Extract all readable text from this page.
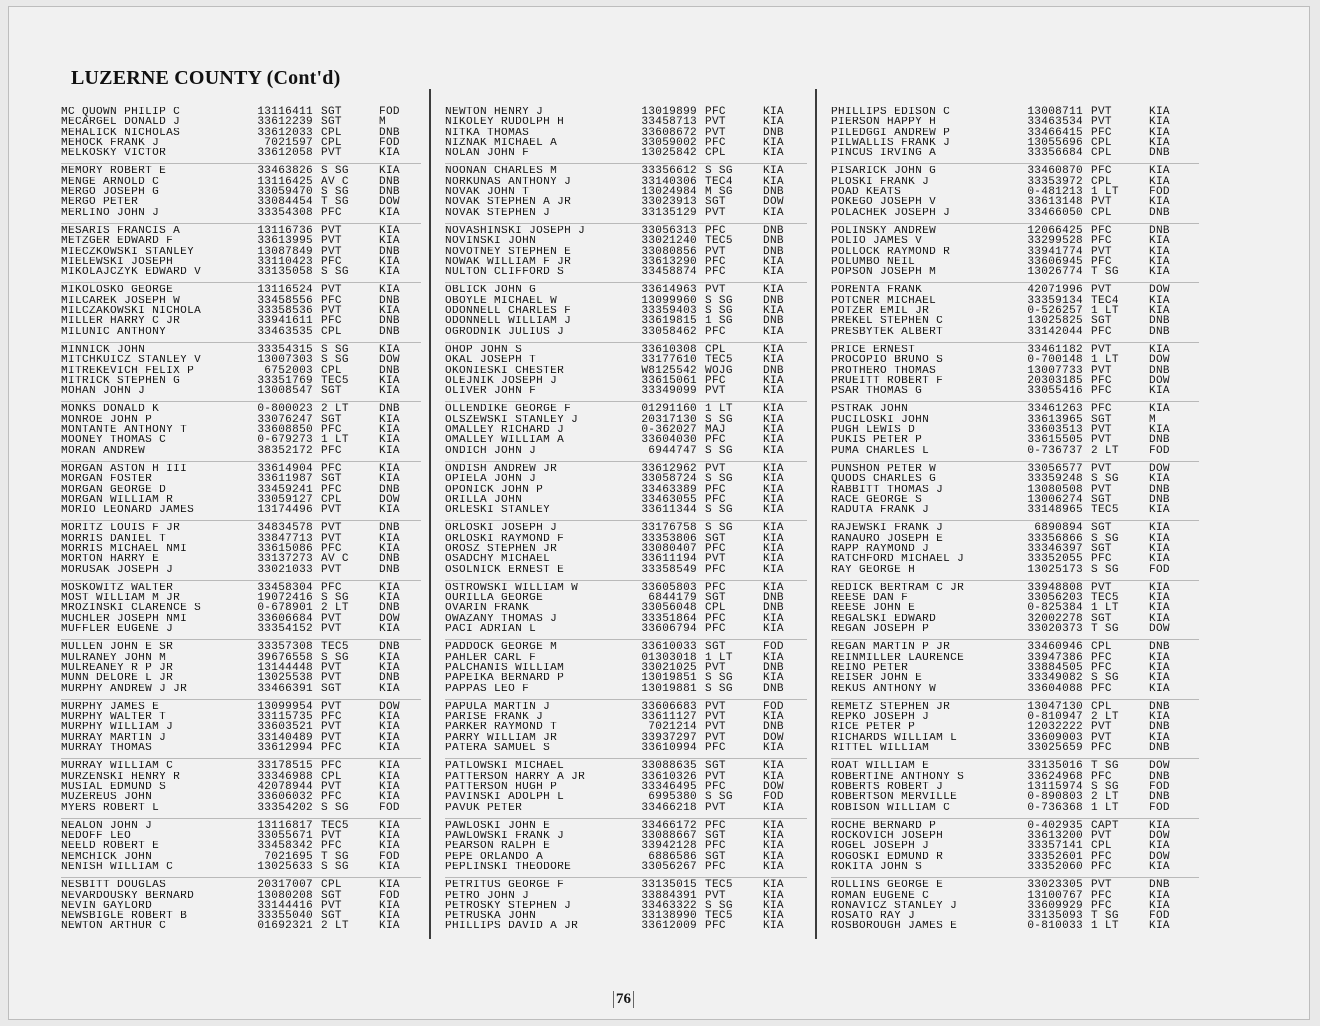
LUZERNE COUNTY (Cont'd)
MC QUOWN PHILIP C	13116411 SGT	FOD
MECARGEL DONALD J	33612239 SGT	M
MEHALICK NICHOLAS	33612033 CPL	DNB
MEHOCK FRANK J	7021597 CPL	FOD
MELKOSKY VICTOR	33612058 PVT	KIA
MEMORY ROBERT E	33463826 S SG	KIA
MENGE ARNOLD C	13116425 AV C	DNB
MERGO JOSEPH G	33059470 S SG	DNB
MERGO PETER	33084454 T SG	DOW
MERLINO JOHN J	33354308 PFC	KIA
MESARIS FRANCIS A	13116736 PVT	KIA
METZGER EDWARD F	33613995 PVT	KIA
MIECZKOWSKI STANLEY	13087849 PVT	DNB
MIELEWSKI JOSEPH	33110423 PFC	KIA
MIKOLAJCZYK EDWARD V	33135058 S SG	KIA
MIKOLOSKO GEORGE	13116524 PVT	KIA
MILCAREK JOSEPH W	33458556 PFC	DNB
MILCZAKOWSKI NICHOLA	33358536 PVT	KIA
MILLER HARRY C JR	33941611 PFC	DNB
MILUNIC ANTHONY	33463535 CPL	DNB
MINNICK JOHN	33354315 S SG	KIA
MITCHKUICZ STANLEY V	13007303 S SG	DOW
MITREKEVICH FELIX P	6752003 CPL	DNB
MITRICK STEPHEN G	33351769 TEC5	KIA
MOHAN JOHN J	13008547 SGT	KIA
MONKS DONALD K	0-800023 2 LT	DNB
MONROE JOHN P	33076247 SGT	KIA
MONTANTE ANTHONY T	33608850 PFC	KIA
MOONEY THOMAS C	0-679273 1 LT	KIA
MORAN ANDREW	38352172 PFC	KIA
MORGAN ASTON H III	33614904 PFC	KIA
MORGAN FOSTER	33611987 SGT	KIA
MORGAN GEORGE D	33459241 PFC	DNB
MORGAN WILLIAM R	33059127 CPL	DOW
MORIO LEONARD JAMES	13174496 PVT	KIA
MORITZ LOUIS F JR	34834578 PVT	DNB
MORRIS DANIEL T	33847713 PVT	KIA
MORRIS MICHAEL NMI	33615086 PFC	KIA
MORTON HARRY E	33137273 AV C	DNB
MORUSAK JOSEPH J	33021033 PVT	DNB
MOSKOWITZ WALTER	33458304 PFC	KIA
MOST WILLIAM M JR	19072416 S SG	KIA
MROZINSKI CLARENCE S	0-678901 2 LT	DNB
MUCHLER JOSEPH NMI	33606684 PVT	DOW
MUFFLER EUGENE J	33354152 PVT	KIA
MULLEN JOHN E SR	33357308 TEC5	DNB
MULRANEY JOHN M	39676558 S SG	KIA
MULREANEY R P JR	13144448 PVT	KIA
MUNN DELORE L JR	13025538 PVT	DNB
MURPHY ANDREW J JR	33466391 SGT	KIA
MURPHY JAMES E	13099954 PVT	DOW
MURPHY WALTER T	33115735 PFC	KIA
MURPHY WILLIAM J	33603521 PVT	KIA
MURRAY MARTIN J	33140489 PVT	KIA
MURRAY THOMAS	33612994 PFC	KIA
MURRAY WILLIAM C	33178515 PFC	KIA
MURZENSKI HENRY R	33346988 CPL	KIA
MUSIAL EDMUND S	42078944 PVT	KIA
MUZEREUS JOHN	33606032 PFC	KIA
MYERS ROBERT L	33354202 S SG	FOD
NEALON JOHN J	13116817 TEC5	KIA
NEDOFF LEO	33055671 PVT	KIA
NEELD ROBERT E	33458342 PFC	KIA
NEMCHICK JOHN	7021695 T SG	FOD
NENISH WILLIAM C	13025633 S SG	KIA
NESBITT DOUGLAS	20317007 CPL	KIA
NEVARDOUSKY BERNARD	13080208 SGT	FOD
NEVIN GAYLORD	33144416 PVT	KIA
NEWSBIGLE ROBERT B	33355040 SGT	KIA
NEWTON ARTHUR C	01692321 2 LT	KIA
NEWTON HENRY J	13019899 PFC	KIA
NIKOLEY RUDOLPH H	33458713 PVT	KIA
NITKA THOMAS	33608672 PVT	DNB
NIZNAK MICHAEL A	33059002 PFC	KIA
NOLAN JOHN F	13025842 CPL	KIA
NOONAN CHARLES M	33356612 S SG	KIA
NORKUNAS ANTHONY J	33140306 TEC4	KIA
NOVAK JOHN T	13024984 M SG	DNB
NOVAK STEPHEN A JR	33023913 SGT	DOW
NOVAK STEPHEN J	33135129 PVT	KIA
NOVASHINSKI JOSEPH J	33056313 PFC	DNB
NOVINSKI JOHN	33021240 TEC5	DNB
NOVOTNEY STEPHEN E	33080856 PVT	DNB
NOWAK WILLIAM F JR	33613290 PFC	KIA
NULTON CLIFFORD S	33458874 PFC	KIA
OBLICK JOHN G	33614963 PVT	KIA
OBOYLE MICHAEL W	13099960 S SG	DNB
ODONNELL CHARLES F	33359403 S SG	KIA
ODONNELL WILLIAM J	33619815 1 SG	DNB
OGRODNIK JULIUS J	33058462 PFC	KIA
OHOP JOHN S	33610308 CPL	KIA
OKAL JOSEPH T	33177610 TEC5	KIA
OKONIESKI CHESTER	W8125542 WOJG	DNB
OLEJNIK JOSEPH J	33615061 PFC	KIA
OLIVER JOHN F	33349099 PVT	KIA
OLLENDIKE GEORGE F	01291160 1 LT	KIA
OLSZEWSKI STANLEY J	20317130 S SG	KIA
OMALLEY RICHARD J	0-362027 MAJ	KIA
OMALLEY WILLIAM A	33604030 PFC	KIA
ONDICH JOHN J	6944747 S SG	KIA
ONDISH ANDREW JR	33612962 PVT	KIA
OPIELA JOHN J	33058724 S SG	KIA
OPONICK JOHN P	33463389 PFC	KIA
ORILLA JOHN	33463055 PFC	KIA
ORLESKI STANLEY	33611344 S SG	KIA
ORLOSKI JOSEPH J	33176758 S SG	KIA
ORLOSKI RAYMOND F	33353806 SGT	KIA
OROSZ STEPHEN JR	33080407 PFC	KIA
OSADCHY MICHAEL	33611194 PVT	KIA
OSOLNICK ERNEST E	33358549 PFC	KIA
OSTROWSKI WILLIAM W	33605803 PFC	KIA
OURILLA GEORGE	6844179 SGT	DNB
OVARIN FRANK	33056048 CPL	DNB
OWAZANY THOMAS J	33351864 PFC	KIA
PACI ADRIAN L	33606794 PFC	KIA
PADDOCK GEORGE M	33610033 SGT	FOD
PAHLER CARL F	01303018 1 LT	KIA
PALCHANIS WILLIAM	33021025 PVT	DNB
PAPEIKA BERNARD P	13019851 S SG	KIA
PAPPAS LEO F	13019881 S SG	DNB
PAPULA MARTIN J	33606683 PVT	FOD
PARISE FRANK J	33611127 PVT	KIA
PARKER RAYMOND T	7021214 PVT	DNB
PARRY WILLIAM JR	33937297 PVT	DOW
PATERA SAMUEL S	33610994 PFC	KIA
PATLOWSKI MICHAEL	33088635 SGT	KIA
PATTERSON HARRY A JR	33610326 PVT	KIA
PATTERSON HUGH P	33346495 PFC	DOW
PAVINSKI ADOLPH L	6995380 S SG	FOD
PAVUK PETER	33466218 PVT	KIA
PAWLOSKI JOHN E	33466172 PFC	KIA
PAWLOWSKI FRANK J	33088667 SGT	KIA
PEARSON RALPH E	33942128 PFC	KIA
PEPE ORLANDO A	6886586 SGT	KIA
PEPLINSKI THEODORE	33056267 PFC	KIA
PETRITUS GEORGE F	33135015 TEC5	KIA
PETRO JOHN J	33884391 PVT	KIA
PETROSKY STEPHEN J	33463322 S SG	KIA
PETRUSKA JOHN	33138990 TEC5	KIA
PHILLIPS DAVID A JR	33612009 PFC	KIA
PHILLIPS EDISON C	13008711 PVT	KIA
PIERSON HAPPY H	33463534 PVT	KIA
PILEDGGI ANDREW P	33466415 PFC	KIA
PILWALLIS FRANK J	13055696 CPL	KIA
PINCUS IRVING A	33356684 CPL	DNB
PISARICK JOHN G	33460870 PFC	KIA
PLOSKI FRANK J	33353972 CPL	KIA
POAD KEATS	0-481213 1 LT	FOD
POKEGO JOSEPH V	33613148 PVT	KIA
POLACHEK JOSEPH J	33466050 CPL	DNB
POLINSKY ANDREW	12066425 PFC	DNB
POLIO JAMES V	33299528 PFC	KIA
POLLOCK RAYMOND R	33941774 PVT	KIA
POLUMBO NEIL	33606945 PFC	KIA
POPSON JOSEPH M	13026774 T SG	KIA
PORENTA FRANK	42071996 PVT	DOW
POTCNER MICHAEL	33359134 TEC4	KIA
POTZER EMIL JR	0-526257 1 LT	KIA
PREKEL STEPHEN C	13025825 SGT	DNB
PRESBYTEK ALBERT	33142044 PFC	DNB
PRICE ERNEST	33461182 PVT	KIA
PROCOPIO BRUNO S	0-700148 1 LT	DOW
PROTHERO THOMAS	13007733 PVT	DNB
PRUEITT ROBERT F	20303185 PFC	DOW
PSAR THOMAS G	33055416 PFC	KIA
PSTRAK JOHN	33461263 PFC	KIA
PUCILOSKI JOHN	33613965 SGT	M
PUGH LEWIS D	33603513 PVT	KIA
PUKIS PETER P	33615505 PVT	DNB
PUMA CHARLES L	0-736737 2 LT	FOD
PUNSHON PETER W	33056577 PVT	DOW
QUODS CHARLES G	33359248 S SG	KIA
RABBITT THOMAS J	13080508 PVT	DNB
RACE GEORGE S	13006274 SGT	DNB
RADUTA FRANK J	33148965 TEC5	KIA
RAJEWSKI FRANK J	6890894 SGT	KIA
RANAURO JOSEPH E	33356866 S SG	KIA
RAPP RAYMOND J	33346397 SGT	KIA
RATCHFORD MICHAEL J	33352055 PFC	KIA
RAY GEORGE H	13025173 S SG	FOD
REDICK BERTRAM C JR	33948808 PVT	KIA
REESE DAN F	33056203 TEC5	KIA
REESE JOHN E	0-825384 1 LT	KIA
REGALSKI EDWARD	32002278 SGT	KIA
REGAN JOSEPH P	33020373 T SG	DOW
REGAN MARTIN P JR	33460946 CPL	DNB
REINMILLER LAURENCE	33947386 PFC	KIA
REINO PETER	33884505 PFC	KIA
REISER JOHN E	33349082 S SG	KIA
REKUS ANTHONY W	33604088 PFC	KIA
REMETZ STEPHEN JR	13047130 CPL	DNB
REPKO JOSEPH J	0-810947 2 LT	KIA
RICE PETER P	12032222 PVT	DNB
RICHARDS WILLIAM L	33609003 PVT	KIA
RITTEL WILLIAM	33025659 PFC	DNB
ROAT WILLIAM E	33135016 T SG	DOW
ROBERTINE ANTHONY S	33624968 PFC	DNB
ROBERTS ROBERT J	13115974 S SG	FOD
ROBERTSON MERVILLE	0-890803 2 LT	DNB
ROBISON WILLIAM C	0-736368 1 LT	FOD
ROCHE BERNARD P	0-402935 CAPT	KIA
ROCKOVICH JOSEPH	33613200 PVT	DOW
ROGEL JOSEPH J	33357141 CPL	KIA
ROGOSKI EDMUND R	33352601 PFC	DOW
ROKITA JOHN S	33352060 PFC	KIA
ROLLINS GEORGE E	33023305 PVT	DNB
ROMAN EUGENE C	13100767 PFC	KIA
RONAVICZ STANLEY J	33609929 PFC	KIA
ROSATO RAY J	33135093 T SG	FOD
ROSBOROUGH JAMES E	0-810033 1 LT	KIA
76
